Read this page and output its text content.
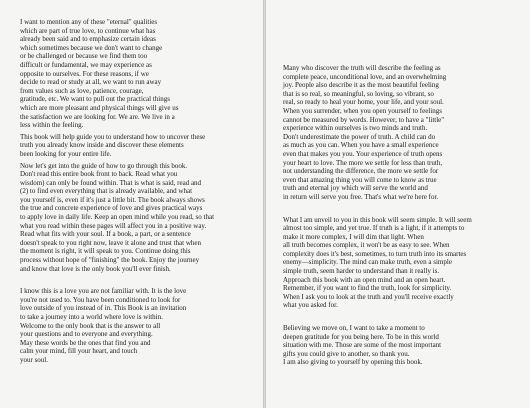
I want to mention any of these "eternal" qualities
which are part of true love, to continue what has
already been said and to emphasize certain ideas
which sometimes because we don't want to change
or be challenged or because we find them too
difficult or fundamental, we may experience as
opposite to ourselves. For these reasons, if we
decide to read or study at all, we want to run away
from values such as love, patience, courage,
gratitude, etc. We want to pull out the practical things
which are more pleasant and physical things will give us
the satisfaction we are looking for. We are. We live in a
less within the feeling.
This book will help guide you to understand how to uncover these
truth you already know inside and discover these elements
been looking for your entire life.
Now let's get into the guide of how to go through this book.
Don't read this entire book front to back. Read what you
wisdom) can only be found within. That is what is said, read and
(2) to find even everything that is already available, and what
you yourself is, even if it's just a little bit. The book always shows
the true and concrete experience of love and gives practical ways
to apply love in daily life. Keep an open mind while you read, so that
what you read within these pages will affect you in a positive way.
Read what fits with your soul. If a book, a part, or a sentence
doesn't speak to you right now, leave it alone and trust that when
the moment is right, it will speak to you. Continue doing this
process without hope of "finishing" the book. Enjoy the journey
and know that love is the only book you'll ever finish.
I know this is a love you are not familiar with. It is the love
you're not used to. You have been conditioned to look for
love outside of you instead of in. This Book is an invitation
to take a journey into a world where love is within.
Welcome to the only book that is the answer to all
your questions and to everyone and everything.
May these words be the ones that find you and
calm your mind, fill your heart, and touch
your soul.
Many who discover the truth will describe the feeling as
complete peace, unconditional love, and an overwhelming
joy. People also describe it as the most beautiful feeling
that is so real, so meaningful, so loving, so vibrant, so
real, so ready to heal your home, your life, and your soul.
When you surrender, when you open yourself to feelings
cannot be measured by words. However, to have a "little"
experience within ourselves is two minds and truth.
Don't underestimate the power of truth. A child can do
as much as you can. When you have a small experience
even that makes you you. Your experience of truth opens
your heart to love. The more we settle for less than truth,
not understanding the difference, the more we settle for
even that amazing thing you will come to know as true
truth and eternal joy which will serve the world and
in return will serve you free. That's what we're here for.
What I am unveil to you in this book will seem simple. It will seem
almost too simple, and yet true. If truth is a light, if it attempts to
make it more complex, I will dim that light. When
all truth becomes complex, it won't be as easy to see. When
complexity does it's best, sometimes, to turn truth into its smartes
enemy—simplicity. The mind can make truth, even a simple
simple truth, seem harder to understand than it really is.
Approach this book with an open mind and an open heart.
Remember, if you want to find the truth, look for simplicity.
When I ask you to look at the truth and you'll receive exactly
what you asked for.
Believing we move on, I want to take a moment to
deepen gratitude for you being here. To be in this world
situation with me. Those are some of the most important
gifts you could give to another, so thank you.
I am also giving to yourself by opening this book.
